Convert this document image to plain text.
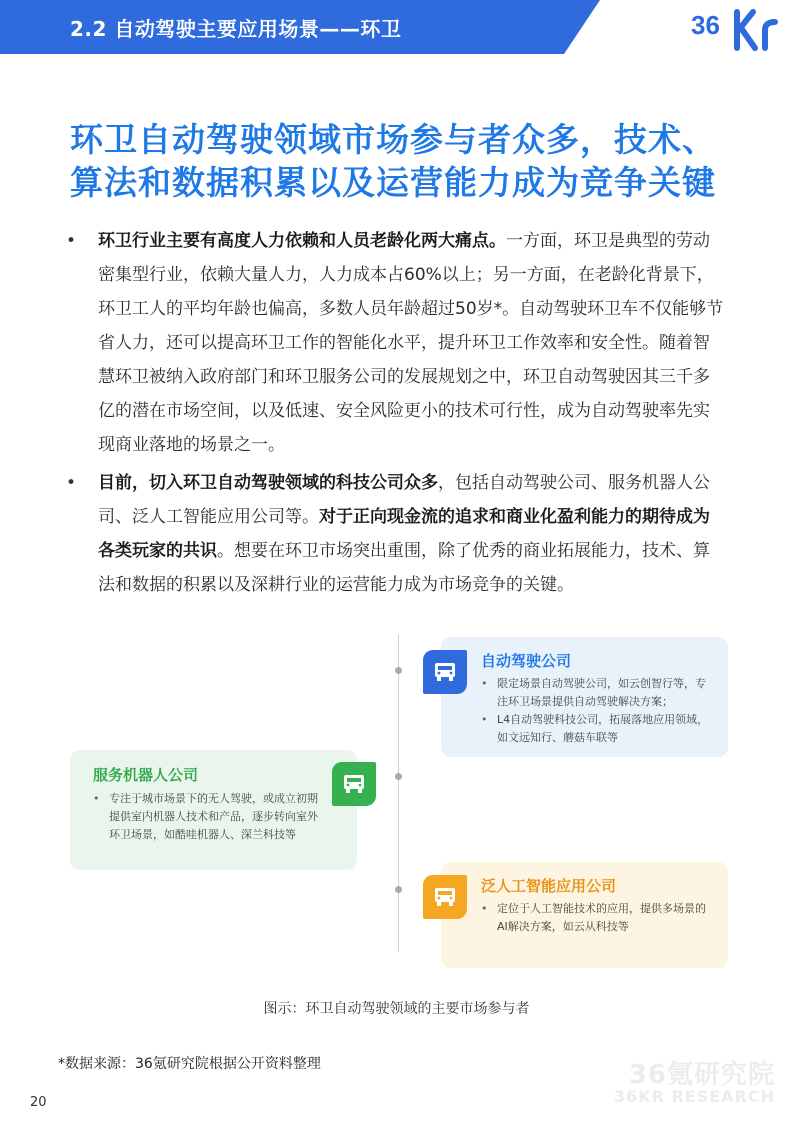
2.2 自动驾驶主要应用场景——环卫	36
环卫自动驾驶领域市场参与者众多，技术、算法和数据积累以及运营能力成为竞争关键
• 环卫行业主要有高度人力依赖和人员老龄化两大痛点。一方面，环卫是典型的劳动密集型行业，依赖大量人力，人力成本占60%以上；另一方面，在老龄化背景下，环卫工人的平均年龄也偏高，多数人员年龄超过50岁*。自动驾驶环卫车不仅能够节省人力，还可以提高环卫工作的智能化水平，提升环卫工作效率和安全性。随着智慧环卫被纳入政府部门和环卫服务公司的发展规划之中，环卫自动驾驶因其三千多亿的潜在市场空间，以及低速、安全风险更小的技术可行性，成为自动驾驶率先实现商业落地的场景之一。
• 目前，切入环卫自动驾驶领域的科技公司众多，包括自动驾驶公司、服务机器人公司、泛人工智能应用公司等。对于正向现金流的追求和商业化盈利能力的期待成为各类玩家的共识。想要在环卫市场突出重围，除了优秀的商业拓展能力，技术、算法和数据的积累以及深耕行业的运营能力成为市场竞争的关键。
自动驾驶公司
• 限定场景自动驾驶公司，如云创智行等，专注环卫场景提供自动驾驶解决方案；
• L4自动驾驶科技公司，拓展落地应用领域，如文远知行、蘑菇车联等
服务机器人公司
• 专注于城市场景下的无人驾驶，或成立初期提供室内机器人技术和产品，逐步转向室外环卫场景，如酷哇机器人、深兰科技等
泛人工智能应用公司
• 定位于人工智能技术的应用，提供多场景的AI解决方案，如云从科技等
图示：环卫自动驾驶领域的主要市场参与者
*数据来源：36氪研究院根据公开资料整理
20
36氪研究院
36KR RESEARCH
